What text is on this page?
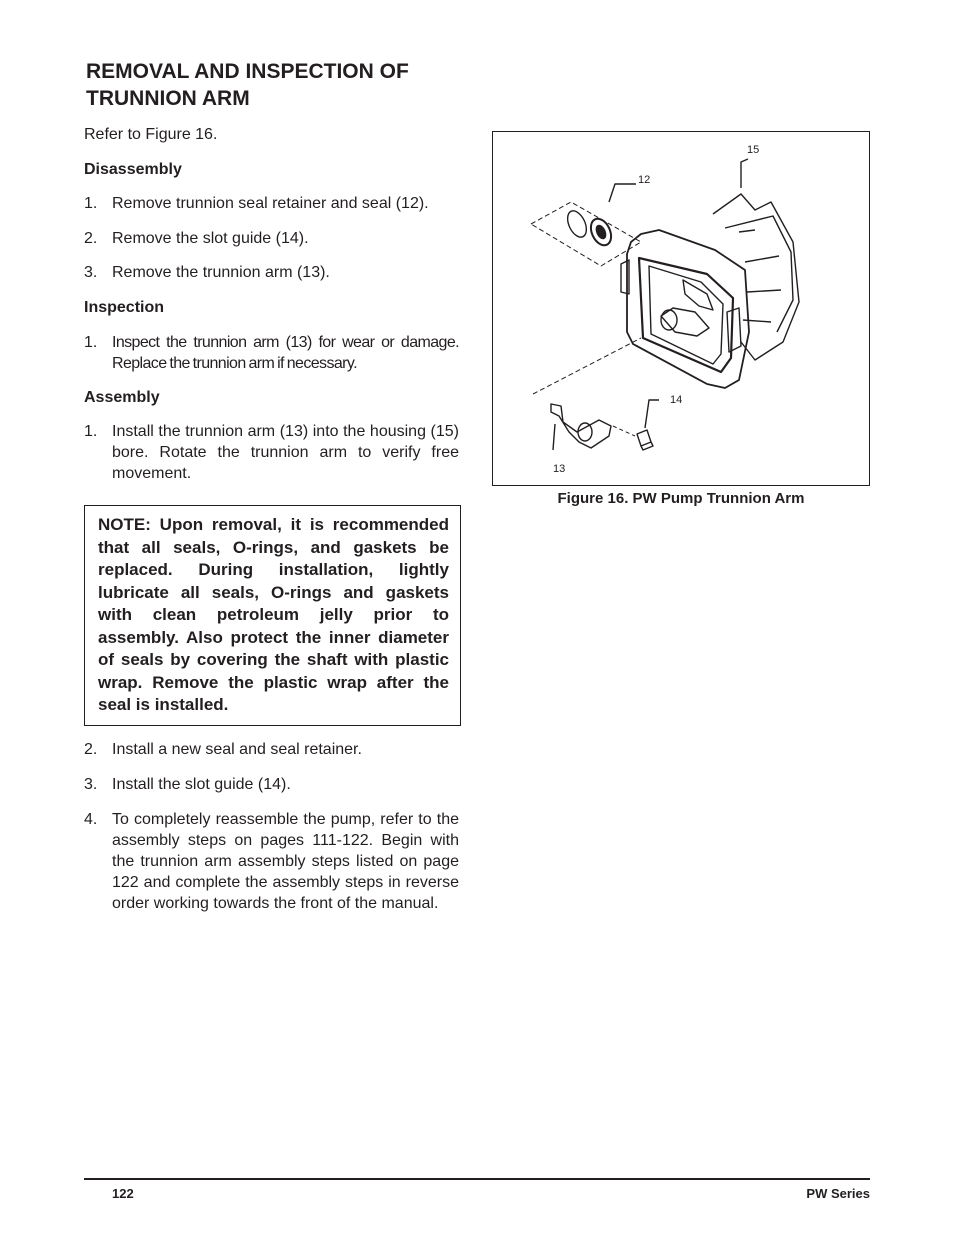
REMOVAL AND INSPECTION OF TRUNNION ARM

Refer to Figure 16.

Disassembly

1. Remove trunnion seal retainer and seal (12).
2. Remove the slot guide (14).
3. Remove the trunnion arm (13).

Inspection

1. Inspect the trunnion arm (13) for wear or damage. Replace the trunnion arm if necessary.

Assembly

1. Install the trunnion arm (13) into the housing (15) bore. Rotate the trunnion arm to verify free movement.
2. Install a new seal and seal retainer.
3. Install the slot guide (14).
4. To completely reassemble the pump, refer to the assembly steps on pages 111-122. Begin with the trunnion arm assembly steps listed on page 122 and complete the assembly steps in reverse order working towards the front of the manual.
NOTE: Upon removal, it is recommended that all seals, O-rings, and gaskets be replaced. During installation, lightly lubricate all seals, O-rings and gaskets with clean petroleum jelly prior to assembly. Also protect the inner diameter of seals by covering the shaft with plastic wrap. Remove the plastic wrap after the seal is installed.
12
15
14
13
Figure 16. PW Pump Trunnion Arm
122	PW Series
